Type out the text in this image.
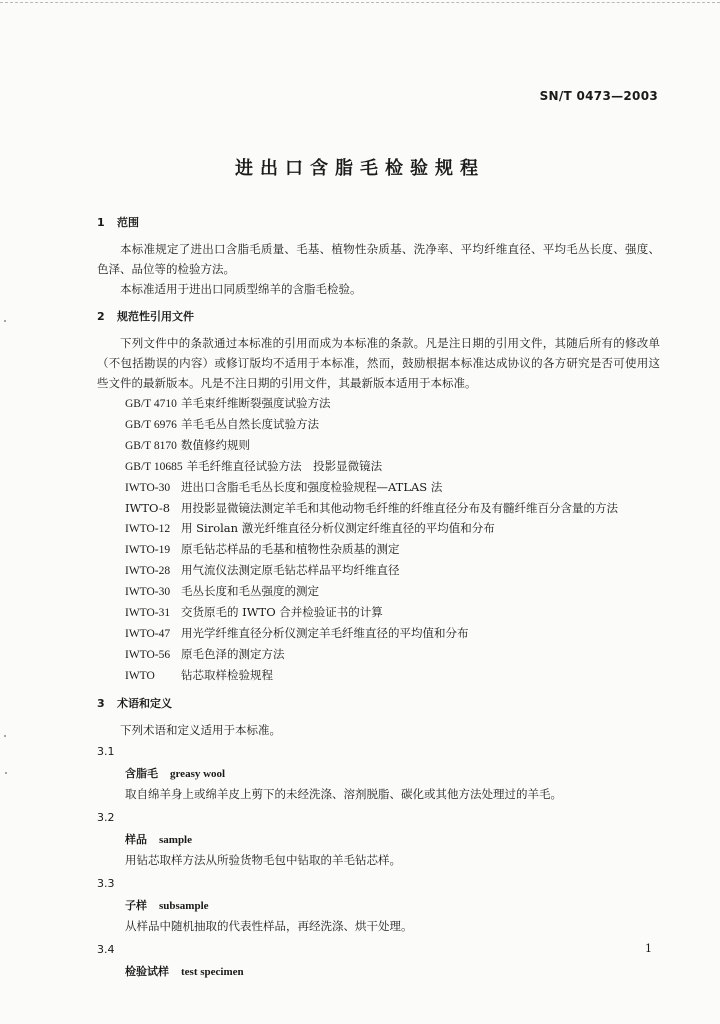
SN/T 0473—2003
进出口含脂毛检验规程
1 范围

本标准规定了进出口含脂毛质量、毛基、植物性杂质基、洗净率、平均纤维直径、平均毛丛长度、强度、色泽、品位等的检验方法。

本标准适用于进出口同质型绵羊的含脂毛检验。

2 规范性引用文件

下列文件中的条款通过本标准的引用而成为本标准的条款。凡是注日期的引用文件，其随后所有的修改单（不包括勘误的内容）或修订版均不适用于本标准，然而，鼓励根据本标准达成协议的各方研究是否可使用这些文件的最新版本。凡是不注日期的引用文件，其最新版本适用于本标准。

GB/T 4710 羊毛束纤维断裂强度试验方法

GB/T 6976 羊毛毛丛自然长度试验方法

GB/T 8170 数值修约规则

GB/T 10685 羊毛纤维直径试验方法　投影显微镜法

IWTO-30 进出口含脂毛毛丛长度和强度检验规程—ATLAS 法

IWTO-8 用投影显微镜法测定羊毛和其他动物毛纤维的纤维直径分布及有髓纤维百分含量的方法

IWTO-12 用 Sirolan 激光纤维直径分析仪测定纤维直径的平均值和分布

IWTO-19 原毛钻芯样品的毛基和植物性杂质基的测定

IWTO-28 用气流仪法测定原毛钻芯样品平均纤维直径

IWTO-30 毛丛长度和毛丛强度的测定

IWTO-31 交货原毛的 IWTO 合并检验证书的计算

IWTO-47 用光学纤维直径分析仪测定羊毛纤维直径的平均值和分布

IWTO-56 原毛色泽的测定方法

IWTO 钻芯取样检验规程

3 术语和定义

下列术语和定义适用于本标准。

3.1

含脂毛 greasy wool

取自绵羊身上或绵羊皮上剪下的未经洗涤、溶剂脱脂、碳化或其他方法处理过的羊毛。

3.2

样品 sample

用钻芯取样方法从所验货物毛包中钻取的羊毛钻芯样。

3.3

子样 subsample

从样品中随机抽取的代表性样品，再经洗涤、烘干处理。

3.4

检验试样 test specimen

1
